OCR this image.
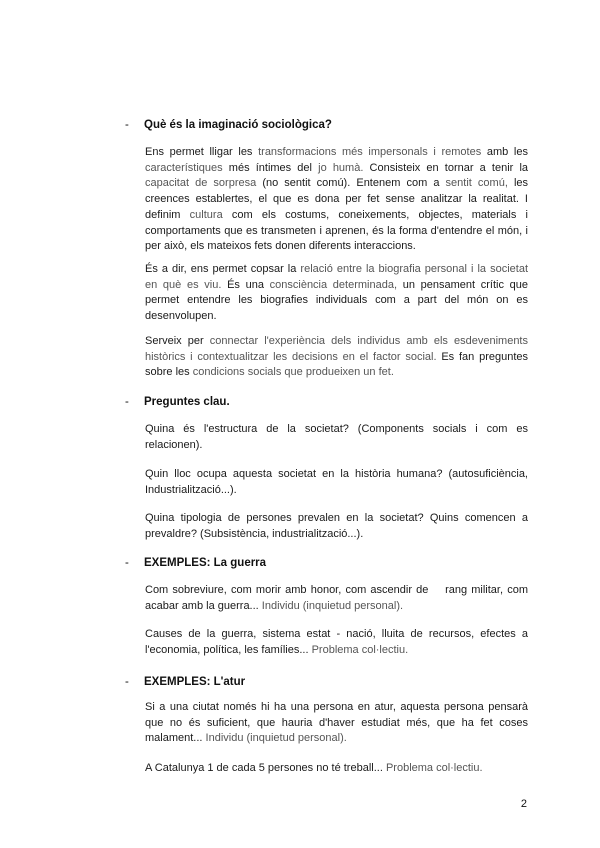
- Què és la imaginació sociològica?
Ens permet lligar les transformacions més impersonals i remotes amb les característiques més íntimes del jo humà. Consisteix en tornar a tenir la capacitat de sorpresa (no sentit comú). Entenem com a sentit comú, les creences establertes, el que es dona per fet sense analitzar la realitat. I definim cultura com els costums, coneixements, objectes, materials i comportaments que es transmeten i aprenen, és la forma d'entendre el món, i per això, els mateixos fets donen diferents interaccions.
És a dir, ens permet copsar la relació entre la biografia personal i la societat en què es viu. És una consciència determinada, un pensament crític que permet entendre les biografies individuals com a part del món on es desenvolupen.
Serveix per connectar l'experiència dels individus amb els esdeveniments històrics i contextualitzar les decisions en el factor social. Es fan preguntes sobre les condicions socials que produeixen un fet.
- Preguntes clau.
Quina és l'estructura de la societat? (Components socials i com es relacionen).
Quin lloc ocupa aquesta societat en la història humana? (autosuficiència, Industrialització...).
Quina tipologia de persones prevalen en la societat? Quins comencen a prevaldre? (Subsistència, industrialització...).
- EXEMPLES: La guerra
Com sobreviure, com morir amb honor, com ascendir de    rang militar, com acabar amb la guerra... Individu (inquietud personal).
Causes de la guerra, sistema estat - nació, lluita de recursos, efectes a l'economia, política, les famílies... Problema col·lectiu.
- EXEMPLES: L'atur
Si a una ciutat només hi ha una persona en atur, aquesta persona pensarà que no és suficient, que hauria d'haver estudiat més, que ha fet coses malament... Individu (inquietud personal).
A Catalunya 1 de cada 5 persones no té treball... Problema col·lectiu.
2
